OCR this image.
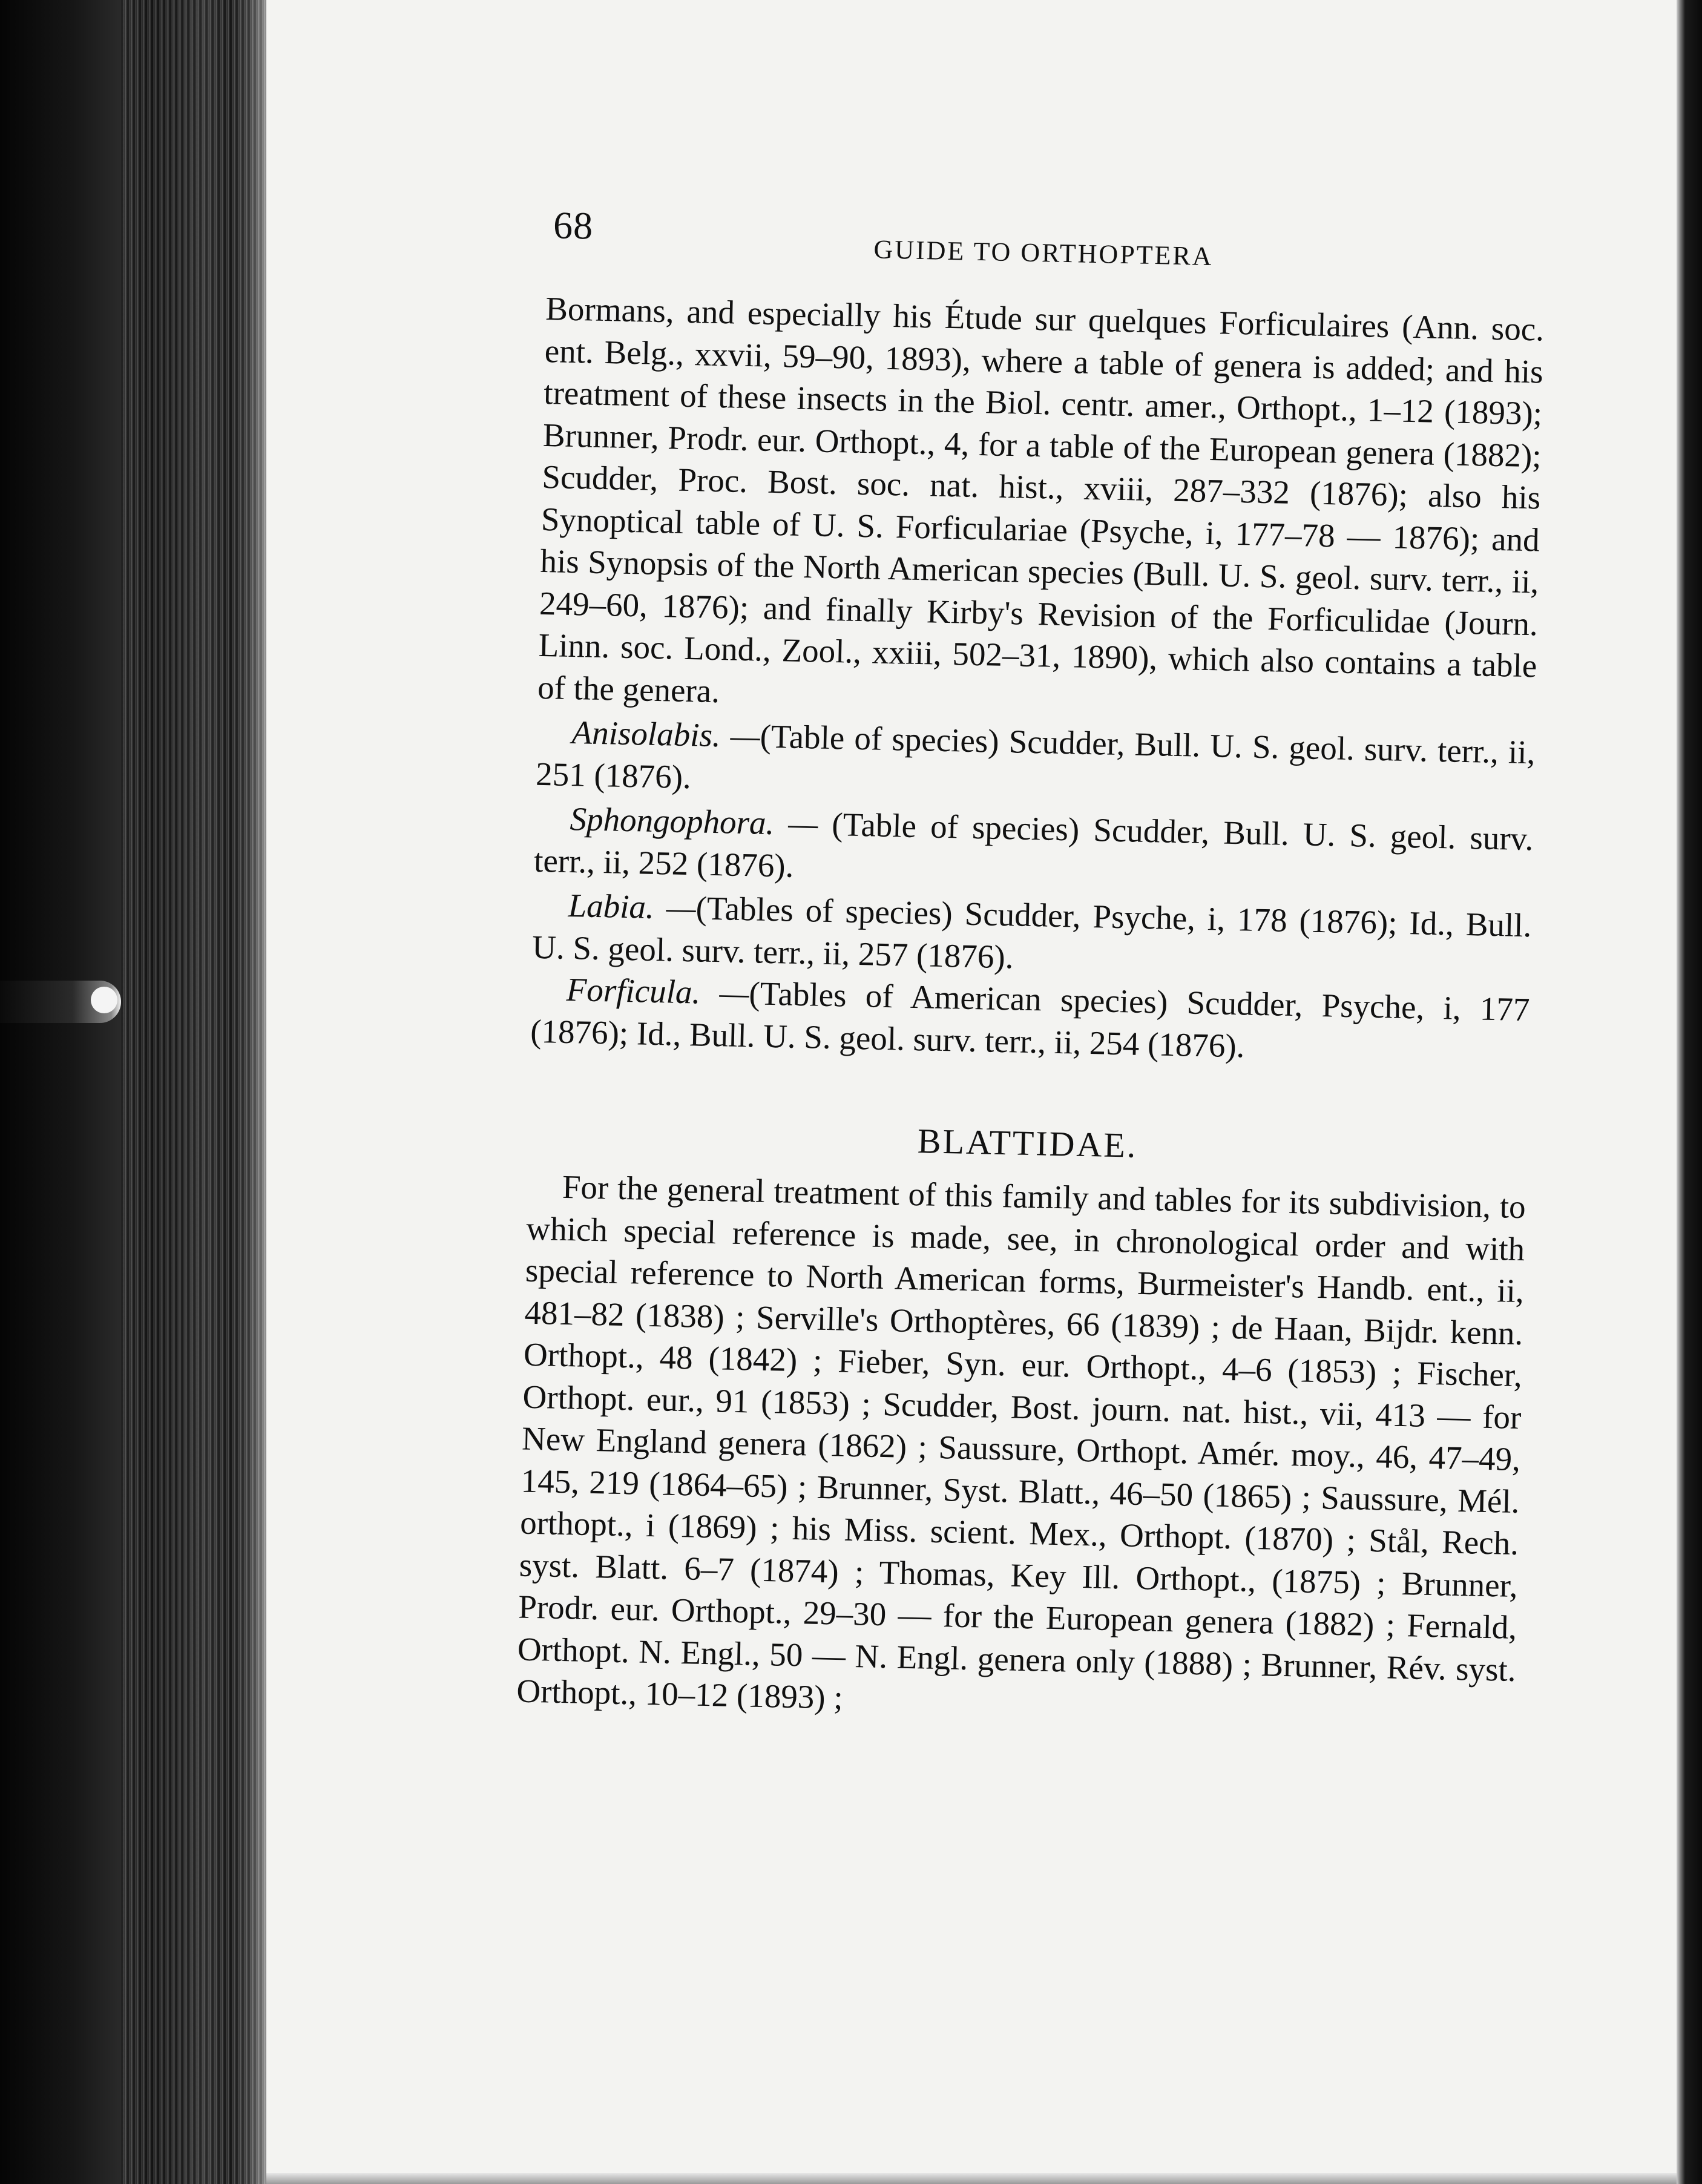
68
GUIDE TO ORTHOPTERA

Bormans, and especially his Étude sur quelques Forficulaires (Ann. soc. ent. Belg., xxvii, 59–90, 1893), where a table of genera is added; and his treatment of these insects in the Biol. centr. amer., Orthopt., 1–12 (1893); Brunner, Prodr. eur. Orthopt., 4, for a table of the European genera (1882); Scudder, Proc. Bost. soc. nat. hist., xviii, 287–332 (1876); also his Synoptical table of U. S. Forficulariae (Psyche, i, 177–78 — 1876); and his Synopsis of the North American species (Bull. U. S. geol. surv. terr., ii, 249–60, 1876); and finally Kirby's Revision of the Forficulidae (Journ. Linn. soc. Lond., Zool., xxiii, 502–31, 1890), which also contains a table of the genera.

Anisolabis. —(Table of species) Scudder, Bull. U. S. geol. surv. terr., ii, 251 (1876).

Sphongophora. — (Table of species) Scudder, Bull. U. S. geol. surv. terr., ii, 252 (1876).

Labia. —(Tables of species) Scudder, Psyche, i, 178 (1876); Id., Bull. U. S. geol. surv. terr., ii, 257 (1876).

Forficula. —(Tables of American species) Scudder, Psyche, i, 177 (1876); Id., Bull. U. S. geol. surv. terr., ii, 254 (1876).

BLATTIDAE.

For the general treatment of this family and tables for its subdivision, to which special reference is made, see, in chronological order and with special reference to North American forms, Burmeister's Handb. ent., ii, 481–82 (1838) ; Serville's Orthoptères, 66 (1839) ; de Haan, Bijdr. kenn. Orthopt., 48 (1842) ; Fieber, Syn. eur. Orthopt., 4–6 (1853) ; Fischer, Orthopt. eur., 91 (1853) ; Scudder, Bost. journ. nat. hist., vii, 413 — for New England genera (1862) ; Saussure, Orthopt. Amér. moy., 46, 47–49, 145, 219 (1864–65) ; Brunner, Syst. Blatt., 46–50 (1865) ; Saussure, Mél. orthopt., i (1869) ; his Miss. scient. Mex., Orthopt. (1870) ; Stål, Rech. syst. Blatt. 6–7 (1874) ; Thomas, Key Ill. Orthopt., (1875) ; Brunner, Prodr. eur. Orthopt., 29–30 — for the European genera (1882) ; Fernald, Orthopt. N. Engl., 50 — N. Engl. genera only (1888) ; Brunner, Rév. syst. Orthopt., 10–12 (1893) ;
